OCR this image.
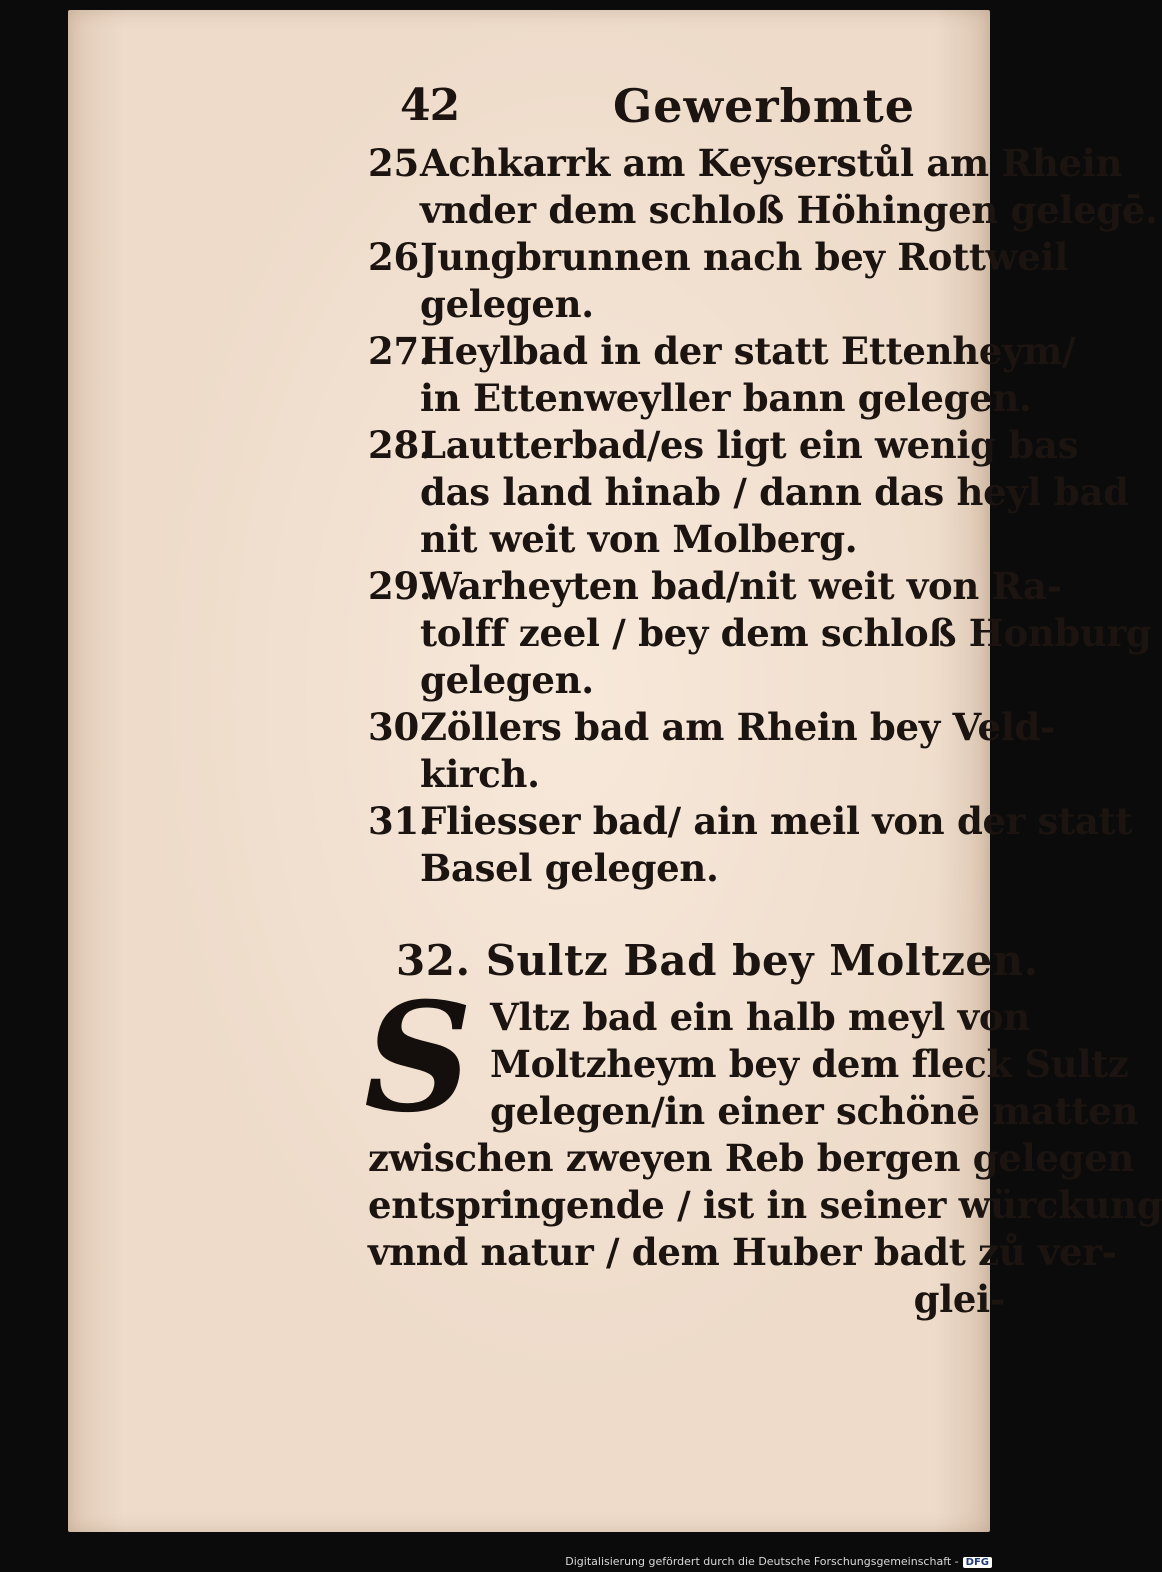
42	Gewerbmte
25Achkarrk am Keyserstůl am Rhein
vnder dem schloß Höhingen gelegē.
26Jungbrunnen nach bey Rottweil
gelegen.
27.Heylbad in der statt Ettenheym/
in Ettenweyller bann gelegen.
28.Lautterbad/es ligt ein wenig bas
das land hinab / dann das heyl bad
nit weit von Molberg.
29.Warheyten bad/nit weit von Ra-
tolff zeel / bey dem schloß Honburg
gelegen.
30.Zöllers bad am Rhein bey Veld-
kirch.
31.Fliesser bad/ ain meil von der statt
Basel gelegen.
32. Sultz Bad bey Moltzen.
S Vltz bad ein halb meyl von
Moltzheym bey dem fleck Sultz
gelegen/in einer schönē matten
zwischen zweyen Reb bergen gelegen
entspringende / ist in seiner würckung
vnnd natur / dem Huber badt zů ver-
glei-
Digitalisierung gefördert durch die Deutsche Forschungsgemeinschaft - DFG
